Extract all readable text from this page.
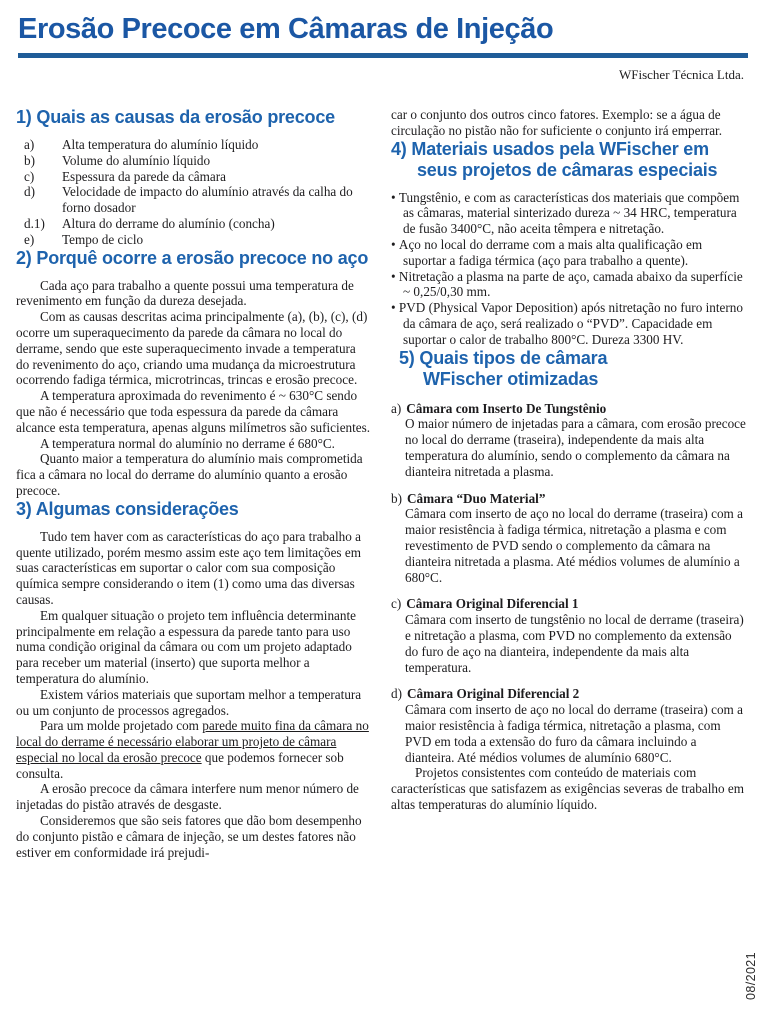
Erosão Precoce em Câmaras de Injeção
WFischer Técnica Ltda.
1) Quais as causas da erosão precoce
a) Alta temperatura do alumínio líquido
b) Volume do alumínio líquido
c) Espessura da parede da câmara
d) Velocidade de impacto do alumínio através da calha do forno dosador
d.1) Altura do derrame do alumínio (concha)
e) Tempo de ciclo
2) Porquê ocorre a erosão precoce no aço

Cada aço para trabalho a quente possui uma temperatura de revenimento em função da dureza desejada.

Com as causas descritas acima principalmente (a), (b), (c), (d) ocorre um superaquecimento da parede da câmara no local do derrame, sendo que este superaquecimento invade a temperatura do revenimento do aço, criando uma mudança da microestrutura ocorrendo fadiga térmica, microtrincas, trincas e erosão precoce.

A temperatura aproximada do revenimento é ~ 630°C sendo que não é necessário que toda espessura da parede da câmara alcance esta temperatura, apenas alguns milímetros são suficientes.

A temperatura normal do alumínio no derrame é 680°C.

Quanto maior a temperatura do alumínio mais comprometida fica a câmara no local do derrame do alumínio quanto a erosão precoce.

3) Algumas considerações

Tudo tem haver com as características do aço para trabalho a quente utilizado, porém mesmo assim este aço tem limitações em suas características em suportar o calor com sua composição química sempre considerando o item (1) como uma das diversas causas.

Em qualquer situação o projeto tem influência determinante principalmente em relação a espessura da parede tanto para uso numa condição original da câmara ou com um projeto adaptado para receber um material (inserto) que suporta melhor a temperatura do alumínio.

Existem vários materiais que suportam melhor a temperatura ou um conjunto de processos agregados.

Para um molde projetado com parede muito fina da câmara no local do derrame é necessário elaborar um projeto de câmara especial no local da erosão precoce que podemos fornecer sob consulta.

A erosão precoce da câmara interfere num menor número de injetadas do pistão através de desgaste.

Consideremos que são seis fatores que dão bom desempenho do conjunto pistão e câmara de injeção, se um destes fatores não estiver em conformidade irá prejudi-

car o conjunto dos outros cinco fatores. Exemplo: se a água de circulação no pistão não for suficiente o conjunto irá emperrar.

4) Materiais usados pela WFischer em
seus projetos de câmaras especiais

• Tungstênio, e com as características dos materiais que compõem as câmaras, material sinterizado dureza ~ 34 HRC, temperatura de fusão 3400°C, não aceita têmpera e nitretação.

• Aço no local do derrame com a mais alta qualificação em suportar a fadiga térmica (aço para trabalho a quente).

• Nitretação a plasma na parte de aço, camada abaixo da superfície ~ 0,25/0,30 mm.

• PVD (Physical Vapor Deposition) após nitretação no furo interno da câmara de aço, será realizado o “PVD”. Capacidade em suportar o calor de trabalho 800°C. Dureza 3300 HV.

5) Quais tipos de câmara
WFischer otimizadas
a) Câmara com Inserto De Tungstênio

O maior número de injetadas para a câmara, com erosão precoce no local do derrame (traseira), independente da mais alta temperatura do alumínio, sendo o complemento da câmara na dianteira nitretada a plasma.

b) Câmara “Duo Material”

Câmara com inserto de aço no local do derrame (traseira) com a maior resistência à fadiga térmica, nitretação a plasma e com revestimento de PVD sendo o complemento da câmara na dianteira nitretada a plasma. Até médios volumes de alumínio a 680°C.

c) Câmara Original Diferencial 1

Câmara com inserto de tungstênio no local de derrame (traseira) e nitretação a plasma, com PVD no complemento da extensão do furo de aço na dianteira, independente da mais alta temperatura.

d) Câmara Original Diferencial 2

Câmara com inserto de aço no local do derrame (traseira) com a maior resistência à fadiga térmica, nitretação a plasma, com PVD em toda a extensão do furo da câmara incluindo a dianteira. Até médios volumes de alumínio 680°C.

Projetos consistentes com conteúdo de materiais com características que satisfazem as exigências severas de trabalho em altas temperaturas do alumínio líquido.

08/2021
